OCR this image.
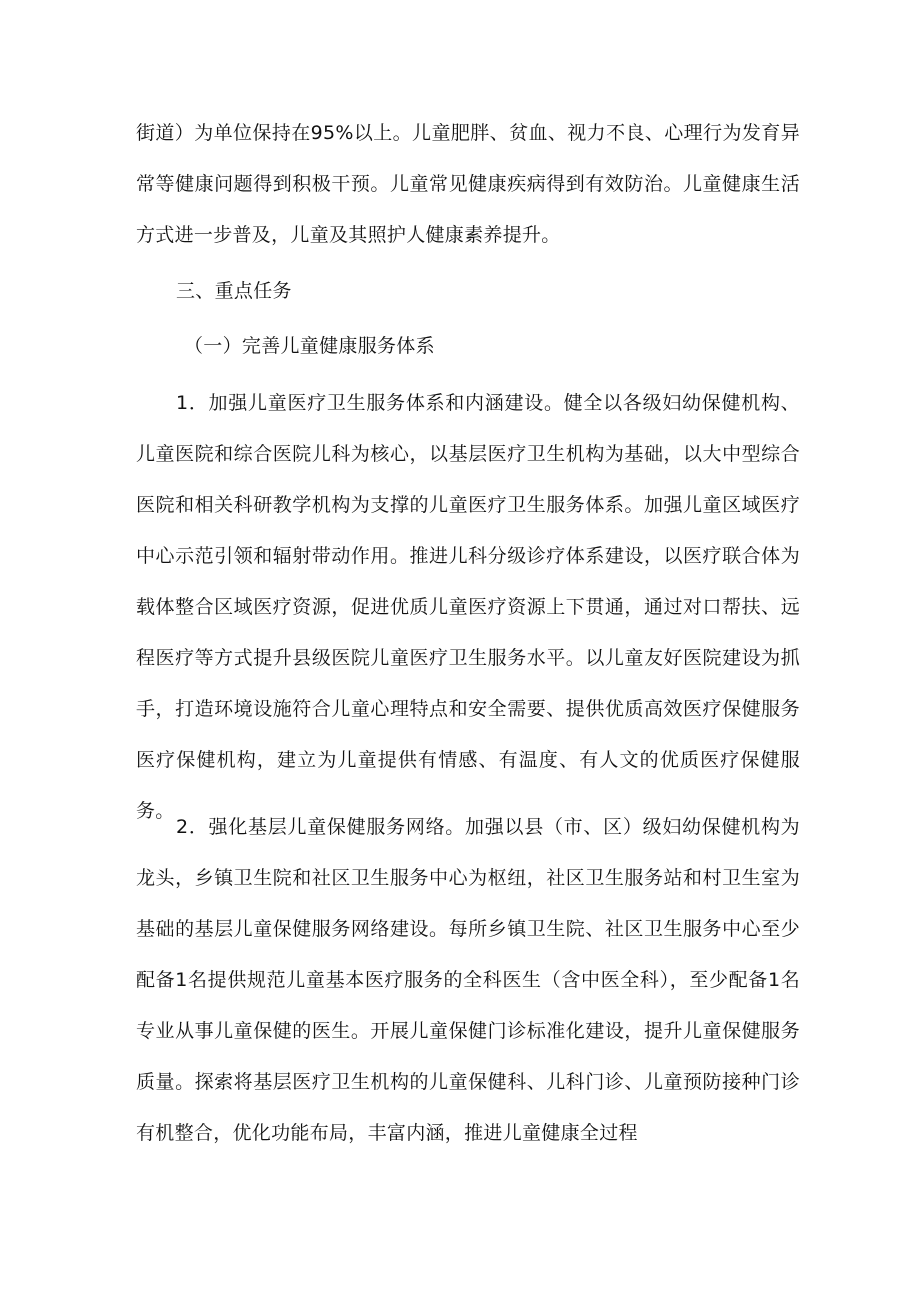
街道）为单位保持在95%以上。儿童肥胖、贫血、视力不良、心理行为发育异常等健康问题得到积极干预。儿童常见健康疾病得到有效防治。儿童健康生活方式进一步普及，儿童及其照护人健康素养提升。

三、重点任务

（一）完善儿童健康服务体系

1．加强儿童医疗卫生服务体系和内涵建设。健全以各级妇幼保健机构、儿童医院和综合医院儿科为核心，以基层医疗卫生机构为基础，以大中型综合医院和相关科研教学机构为支撑的儿童医疗卫生服务体系。加强儿童区域医疗中心示范引领和辐射带动作用。推进儿科分级诊疗体系建设，以医疗联合体为载体整合区域医疗资源，促进优质儿童医疗资源上下贯通，通过对口帮扶、远程医疗等方式提升县级医院儿童医疗卫生服务水平。以儿童友好医院建设为抓手，打造环境设施符合儿童心理特点和安全需要、提供优质高效医疗保健服务医疗保健机构，建立为儿童提供有情感、有温度、有人文的优质医疗保健服务。

2．强化基层儿童保健服务网络。加强以县（市、区）级妇幼保健机构为龙头，乡镇卫生院和社区卫生服务中心为枢纽，社区卫生服务站和村卫生室为基础的基层儿童保健服务网络建设。每所乡镇卫生院、社区卫生服务中心至少配备1名提供规范儿童基本医疗服务的全科医生（含中医全科），至少配备1名专业从事儿童保健的医生。开展儿童保健门诊标准化建设，提升儿童保健服务质量。探索将基层医疗卫生机构的儿童保健科、儿科门诊、儿童预防接种门诊有机整合，优化功能布局，丰富内涵，推进儿童健康全过程
